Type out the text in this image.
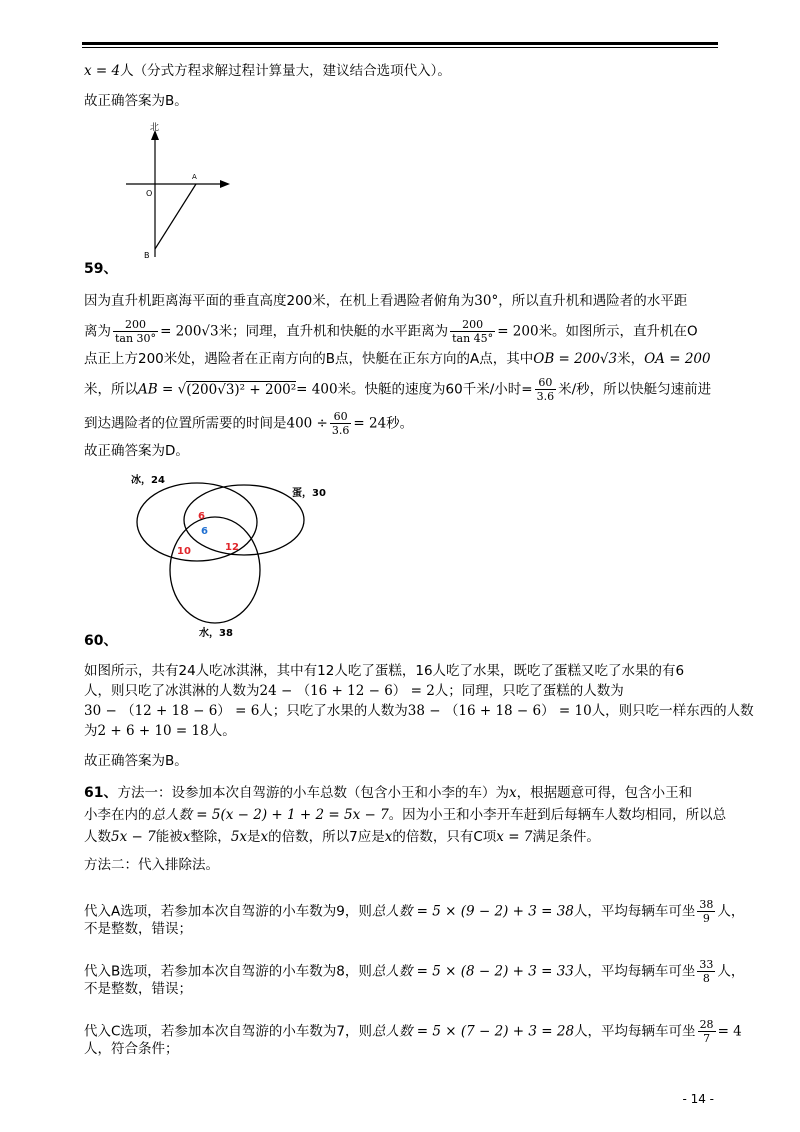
x = 4人（分式方程求解过程计算量大，建议结合选项代入）。
故正确答案为B。
北
O
A
B
59、
因为直升机距离海平面的垂直高度200米，在机上看遇险者俯角为30°，所以直升机和遇险者的水平距
离为 $\frac{200}{\tan 30^\circ} = 200√3$米；同理，直升机和快艇的水平距离为 $\frac{200}{\tan 45^\circ} = 200$米。如图所示，直升机在O
点正上方200米处，遇险者在正南方向的B点，快艇在正东方向的A点，其中OB = 200√3米，OA = 200
米，所以AB = √(200√3)² + 200²= 400米。快艇的速度为60千米/小时= $\frac{60}{3.6}$ 米/秒，所以快艇匀速前进
到达遇险者的位置所需要的时间是$400 \div \frac{60}{3.6} = 24$秒。
故正确答案为D。
冰，24
蛋，30
水，38
6
6
10	12
60、
如图所示，共有24人吃冰淇淋，其中有12人吃了蛋糕，16人吃了水果，既吃了蛋糕又吃了水果的有6
人，则只吃了冰淇淋的人数为24 − （16 + 12 − 6） = 2人；同理，只吃了蛋糕的人数为
30 − （12 + 18 − 6） = 6人；只吃了水果的人数为38 − （16 + 18 − 6） = 10人，则只吃一样东西的人数
为2 + 6 + 10 = 18人。
故正确答案为B。
61、方法一：设参加本次自驾游的小车总数（包含小王和小李的车）为x，根据题意可得，包含小王和
小李在内的总人数 = 5(x − 2) + 1 + 2 = 5x − 7。因为小王和小李开车赶到后每辆车人数均相同，所以总
人数5x − 7能被x整除，5x是x的倍数，所以7应是x的倍数，只有C项x = 7满足条件。
方法二：代入排除法。
代入A选项，若参加本次自驾游的小车数为9，则总人数 = 5 × (9 − 2) + 3 = 38人，平均每辆车可坐 $\frac{38}{9}$ 人，
不是整数，错误；
代入B选项，若参加本次自驾游的小车数为8，则总人数 = 5 × (8 − 2) + 3 = 33人，平均每辆车可坐 $\frac{33}{8}$ 人，
不是整数，错误；
代入C选项，若参加本次自驾游的小车数为7，则总人数 = 5 × (7 − 2) + 3 = 28人，平均每辆车可坐 $\frac{28}{7} = 4$
人，符合条件；
- 14 -
